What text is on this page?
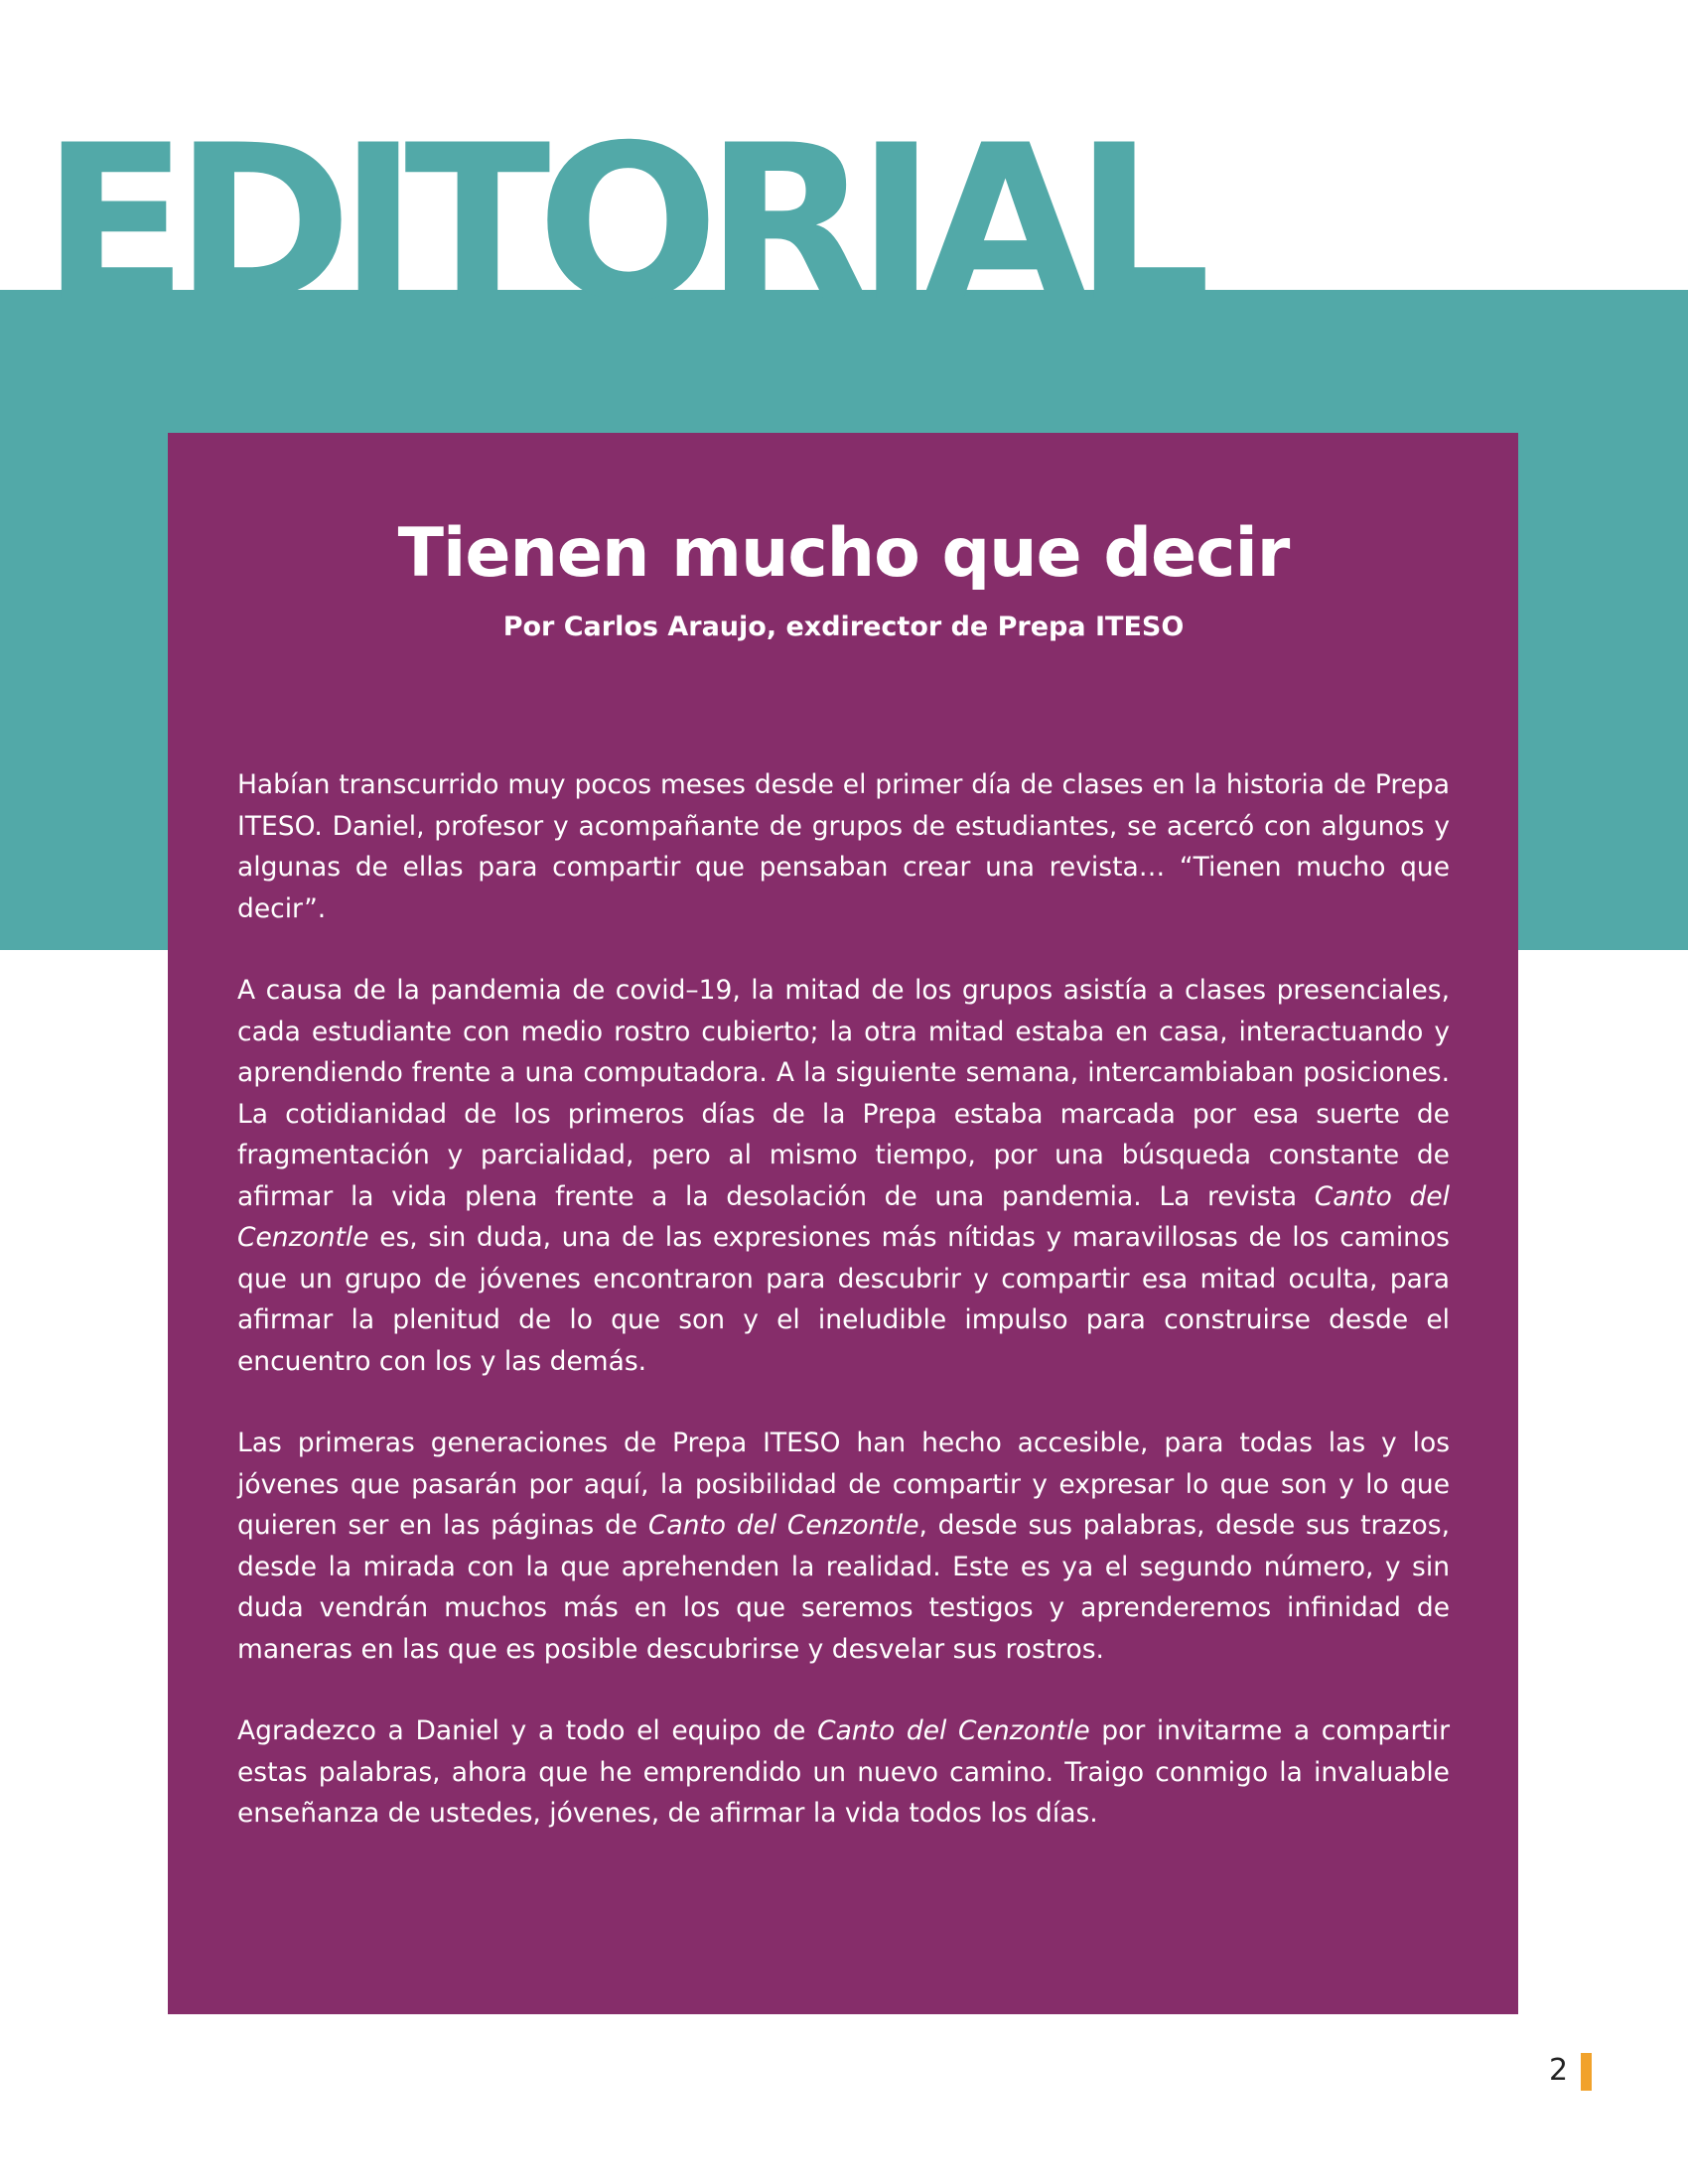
EDITORIAL
Tienen mucho que decir

Por Carlos Araujo, exdirector de Prepa ITESO

Habían transcurrido muy pocos meses desde el primer día de clases en la historia de Prepa ITESO. Daniel, profesor y acompañante de grupos de estudiantes, se acercó con algunos y algunas de ellas para compartir que pensaban crear una revista… “Tienen mucho que decir”.

A causa de la pandemia de covid–19, la mitad de los grupos asistía a clases presenciales, cada estudiante con medio rostro cubierto; la otra mitad estaba en casa, interactuando y aprendiendo frente a una computadora. A la siguiente semana, intercambiaban posiciones. La cotidianidad de los primeros días de la Prepa estaba marcada por esa suerte de fragmentación y parcialidad, pero al mismo tiempo, por una búsqueda constante de afirmar la vida plena frente a la desolación de una pandemia. La revista Canto del Cenzontle es, sin duda, una de las expresiones más nítidas y maravillosas de los caminos que un grupo de jóvenes encontraron para descubrir y compartir esa mitad oculta, para afirmar la plenitud de lo que son y el ineludible impulso para construirse desde el encuentro con los y las demás.

Las primeras generaciones de Prepa ITESO han hecho accesible, para todas las y los jóvenes que pasarán por aquí, la posibilidad de compartir y expresar lo que son y lo que quieren ser en las páginas de Canto del Cenzontle, desde sus palabras, desde sus trazos, desde la mirada con la que aprehenden la realidad. Este es ya el segundo número, y sin duda vendrán muchos más en los que seremos testigos y aprenderemos infinidad de maneras en las que es posible descubrirse y desvelar sus rostros.

Agradezco a Daniel y a todo el equipo de Canto del Cenzontle por invitarme a compartir estas palabras, ahora que he emprendido un nuevo camino. Traigo conmigo la invaluable enseñanza de ustedes, jóvenes, de afirmar la vida todos los días.

2
